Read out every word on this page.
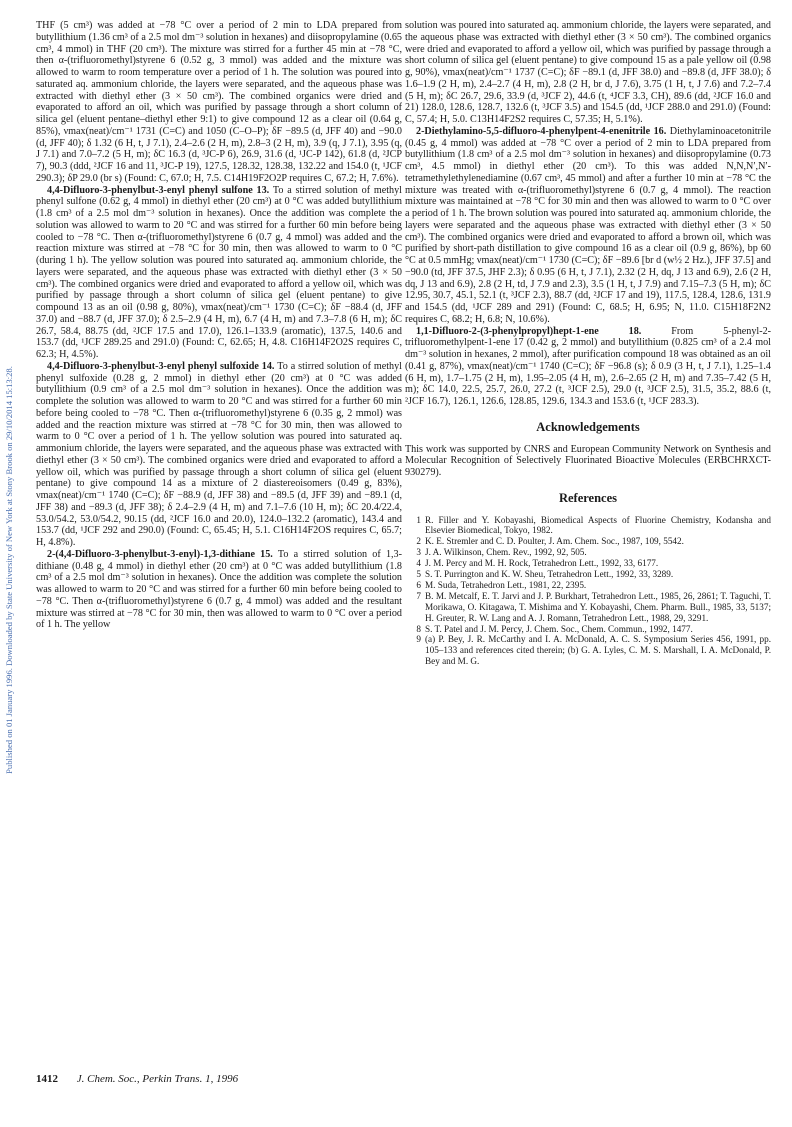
Published on 01 January 1996. Downloaded by State University of New York at Stony Brook on 29/10/2014 15:13:28.

THF (5 cm³) was added at −78 °C over a period of 2 min to LDA prepared from butyllithium (1.36 cm³ of a 2.5 mol dm⁻³ solution in hexanes) and diisopropylamine (0.65 cm³, 4 mmol) in THF (20 cm³). The mixture was stirred for a further 45 min at −78 °C, then α-(trifluoromethyl)styrene 6 (0.52 g, 3 mmol) was added and the mixture was allowed to warm to room temperature over a period of 1 h. The solution was poured into saturated aq. ammonium chloride, the layers were separated, and the aqueous phase was extracted with diethyl ether (3 × 50 cm³). The combined organics were dried and evaporated to afford an oil, which was purified by passage through a short column of silica gel (eluent pentane–diethyl ether 9:1) to give compound 12 as a clear oil (0.64 g, 85%), νmax(neat)/cm⁻¹ 1731 (C=C) and 1050 (C–O–P); δF −89.5 (d, JFF 40) and −90.0 (d, JFF 40); δ 1.32 (6 H, t, J 7.1), 2.4–2.6 (2 H, m), 2.8–3 (2 H, m), 3.9 (q, J 7.1), 3.95 (q, J 7.1) and 7.0–7.2 (5 H, m); δC 16.3 (d, ³JC-P 6), 26.9, 31.6 (d, ¹JC-P 142), 61.8 (d, ²JCP 7), 90.3 (ddd, ²JCF 16 and 11, ³JC-P 19), 127.5, 128.32, 128.38, 132.22 and 154.0 (t, ¹JCF 290.3); δP 29.0 (br s) (Found: C, 67.0; H, 7.5. C14H19F2O2P requires C, 67.2; H, 7.6%).

4,4-Difluoro-3-phenylbut-3-enyl phenyl sulfone 13. To a stirred solution of methyl phenyl sulfone (0.62 g, 4 mmol) in diethyl ether (20 cm³) at 0 °C was added butyllithium (1.8 cm³ of a 2.5 mol dm⁻³ solution in hexanes). Once the addition was complete the solution was allowed to warm to 20 °C and was stirred for a further 60 min before being cooled to −78 °C. Then α-(trifluoromethyl)styrene 6 (0.7 g, 4 mmol) was added and the reaction mixture was stirred at −78 °C for 30 min, then was allowed to warm to 0 °C (during 1 h). The yellow solution was poured into saturated aq. ammonium chloride, the layers were separated, and the aqueous phase was extracted with diethyl ether (3 × 50 cm³). The combined organics were dried and evaporated to afford a yellow oil, which was purified by passage through a short column of silica gel (eluent pentane) to give compound 13 as an oil (0.98 g, 80%), νmax(neat)/cm⁻¹ 1730 (C=C); δF −88.4 (d, JFF 37.0) and −88.7 (d, JFF 37.0); δ 2.5–2.9 (4 H, m), 6.7 (4 H, m) and 7.3–7.8 (6 H, m); δC 26.7, 58.4, 88.75 (dd, ²JCF 17.5 and 17.0), 126.1–133.9 (aromatic), 137.5, 140.6 and 153.7 (dd, ¹JCF 289.25 and 291.0) (Found: C, 62.65; H, 4.8. C16H14F2O2S requires C, 62.3; H, 4.5%).

4,4-Difluoro-3-phenylbut-3-enyl phenyl sulfoxide 14. To a stirred solution of methyl phenyl sulfoxide (0.28 g, 2 mmol) in diethyl ether (20 cm³) at 0 °C was added butyllithium (0.9 cm³ of a 2.5 mol dm⁻³ solution in hexanes). Once the addition was complete the solution was allowed to warm to 20 °C and was stirred for a further 60 min before being cooled to −78 °C. Then α-(trifluoromethyl)styrene 6 (0.35 g, 2 mmol) was added and the reaction mixture was stirred at −78 °C for 30 min, then was allowed to warm to 0 °C over a period of 1 h. The yellow solution was poured into saturated aq. ammonium chloride, the layers were separated, and the aqueous phase was extracted with diethyl ether (3 × 50 cm³). The combined organics were dried and evaporated to afford a yellow oil, which was purified by passage through a short column of silica gel (eluent pentane) to give compound 14 as a mixture of 2 diastereoisomers (0.49 g, 83%), νmax(neat)/cm⁻¹ 1740 (C=C); δF −88.9 (d, JFF 38) and −89.5 (d, JFF 39) and −89.1 (d, JFF 38) and −89.3 (d, JFF 38); δ 2.4–2.9 (4 H, m) and 7.1–7.6 (10 H, m); δC 20.4/22.4, 53.0/54.2, 53.0/54.2, 90.15 (dd, ²JCF 16.0 and 20.0), 124.0–132.2 (aromatic), 143.4 and 153.7 (dd, ¹JCF 292 and 290.0) (Found: C, 65.45; H, 5.1. C16H14F2OS requires C, 65.7; H, 4.8%).

2-(4,4-Difluoro-3-phenylbut-3-enyl)-1,3-dithiane 15. To a stirred solution of 1,3-dithiane (0.48 g, 4 mmol) in diethyl ether (20 cm³) at 0 °C was added butyllithium (1.8 cm³ of a 2.5 mol dm⁻³ solution in hexanes). Once the addition was complete the solution was allowed to warm to 20 °C and was stirred for a further 60 min before being cooled to −78 °C. Then α-(trifluoromethyl)styrene 6 (0.7 g, 4 mmol) was added and the resultant mixture was stirred at −78 °C for 30 min, then was allowed to warm to 0 °C over a period of 1 h. The yellow

solution was poured into saturated aq. ammonium chloride, the layers were separated, and the aqueous phase was extracted with diethyl ether (3 × 50 cm³). The combined organics were dried and evaporated to afford a yellow oil, which was purified by passage through a short column of silica gel (eluent pentane) to give compound 15 as a pale yellow oil (0.98 g, 90%), νmax(neat)/cm⁻¹ 1737 (C=C); δF −89.1 (d, JFF 38.0) and −89.8 (d, JFF 38.0); δ 1.6–1.9 (2 H, m), 2.4–2.7 (4 H, m), 2.8 (2 H, br d, J 7.6), 3.75 (1 H, t, J 7.6) and 7.2–7.4 (5 H, m); δC 26.7, 29.6, 33.9 (d, ³JCF 2), 44.6 (t, ⁴JCF 3.3, CH), 89.6 (dd, ²JCF 16.0 and 21) 128.0, 128.6, 128.7, 132.6 (t, ³JCF 3.5) and 154.5 (dd, ¹JCF 288.0 and 291.0) (Found: C, 57.4; H, 5.0. C13H14F2S2 requires C, 57.35; H, 5.1%).

2-Diethylamino-5,5-difluoro-4-phenylpent-4-enenitrile 16. Diethylaminoacetonitrile (0.45 g, 4 mmol) was added at −78 °C over a period of 2 min to LDA prepared from butyllithium (1.8 cm³ of a 2.5 mol dm⁻³ solution in hexanes) and diisopropylamine (0.73 cm³, 4.5 mmol) in diethyl ether (20 cm³). To this was added N,N,N′,N′-tetramethylethylenediamine (0.67 cm³, 45 mmol) and after a further 10 min at −78 °C the mixture was treated with α-(trifluoromethyl)styrene 6 (0.7 g, 4 mmol). The reaction mixture was maintained at −78 °C for 30 min and then was allowed to warm to 0 °C over a period of 1 h. The brown solution was poured into saturated aq. ammonium chloride, the layers were separated and the aqueous phase was extracted with diethyl ether (3 × 50 cm³). The combined organics were dried and evaporated to afford a brown oil, which was purified by short-path distillation to give compound 16 as a clear oil (0.9 g, 86%), bp 60 °C at 0.5 mmHg; νmax(neat)/cm⁻¹ 1730 (C=C); δF −89.6 [br d (w½ 2 Hz.), JFF 37.5] and −90.0 (td, JFF 37.5, JHF 2.3); δ 0.95 (6 H, t, J 7.1), 2.32 (2 H, dq, J 13 and 6.9), 2.6 (2 H, dq, J 13 and 6.9), 2.8 (2 H, td, J 7.9 and 2.3), 3.5 (1 H, t, J 7.9) and 7.15–7.3 (5 H, m); δC 12.95, 30.7, 45.1, 52.1 (t, ³JCF 2.3), 88.7 (dd, ²JCF 17 and 19), 117.5, 128.4, 128.6, 131.9 and 154.5 (dd, ¹JCF 289 and 291) (Found: C, 68.5; H, 6.95; N, 11.0. C15H18F2N2 requires C, 68.2; H, 6.8; N, 10.6%).

1,1-Difluoro-2-(3-phenylpropyl)hept-1-ene 18. From 5-phenyl-2-trifluoromethylpent-1-ene 17 (0.42 g, 2 mmol) and butyllithium (0.825 cm³ of a 2.4 mol dm⁻³ solution in hexanes, 2 mmol), after purification compound 18 was obtained as an oil (0.41 g, 87%), νmax(neat)/cm⁻¹ 1740 (C=C); δF −96.8 (s); δ 0.9 (3 H, t, J 7.1), 1.25–1.4 (6 H, m), 1.7–1.75 (2 H, m), 1.95–2.05 (4 H, m), 2.6–2.65 (2 H, m) and 7.35–7.42 (5 H, m); δC 14.0, 22.5, 25.7, 26.0, 27.2 (t, ³JCF 2.5), 29.0 (t, ³JCF 2.5), 31.5, 35.2, 88.6 (t, ²JCF 16.7), 126.1, 126.6, 128.85, 129.6, 134.3 and 153.6 (t, ¹JCF 283.3).

Acknowledgements

This work was supported by CNRS and European Community Network on Synthesis and Molecular Recognition of Selectively Fluorinated Bioactive Molecules (ERBCHRXCT-930279).

References
1 R. Filler and Y. Kobayashi, Biomedical Aspects of Fluorine Chemistry, Kodansha and Elsevier Biomedical, Tokyo, 1982.
2 K. E. Stremler and C. D. Poulter, J. Am. Chem. Soc., 1987, 109, 5542.
3 J. A. Wilkinson, Chem. Rev., 1992, 92, 505.
4 J. M. Percy and M. H. Rock, Tetrahedron Lett., 1992, 33, 6177.
5 S. T. Purrington and K. W. Sheu, Tetrahedron Lett., 1992, 33, 3289.
6 M. Suda, Tetrahedron Lett., 1981, 22, 2395.
7 B. M. Metcalf, E. T. Jarvi and J. P. Burkhart, Tetrahedron Lett., 1985, 26, 2861; T. Taguchi, T. Morikawa, O. Kitagawa, T. Mishima and Y. Kobayashi, Chem. Pharm. Bull., 1985, 33, 5137; H. Greuter, R. W. Lang and A. J. Romann, Tetrahedron Lett., 1988, 29, 3291.
8 S. T. Patel and J. M. Percy, J. Chem. Soc., Chem. Commun., 1992, 1477.
9 (a) P. Bey, J. R. McCarthy and I. A. McDonald, A. C. S. Symposium Series 456, 1991, pp. 105–133 and references cited therein; (b) G. A. Lyles, C. M. S. Marshall, I. A. McDonald, P. Bey and M. G.
1412 J. Chem. Soc., Perkin Trans. 1, 1996
